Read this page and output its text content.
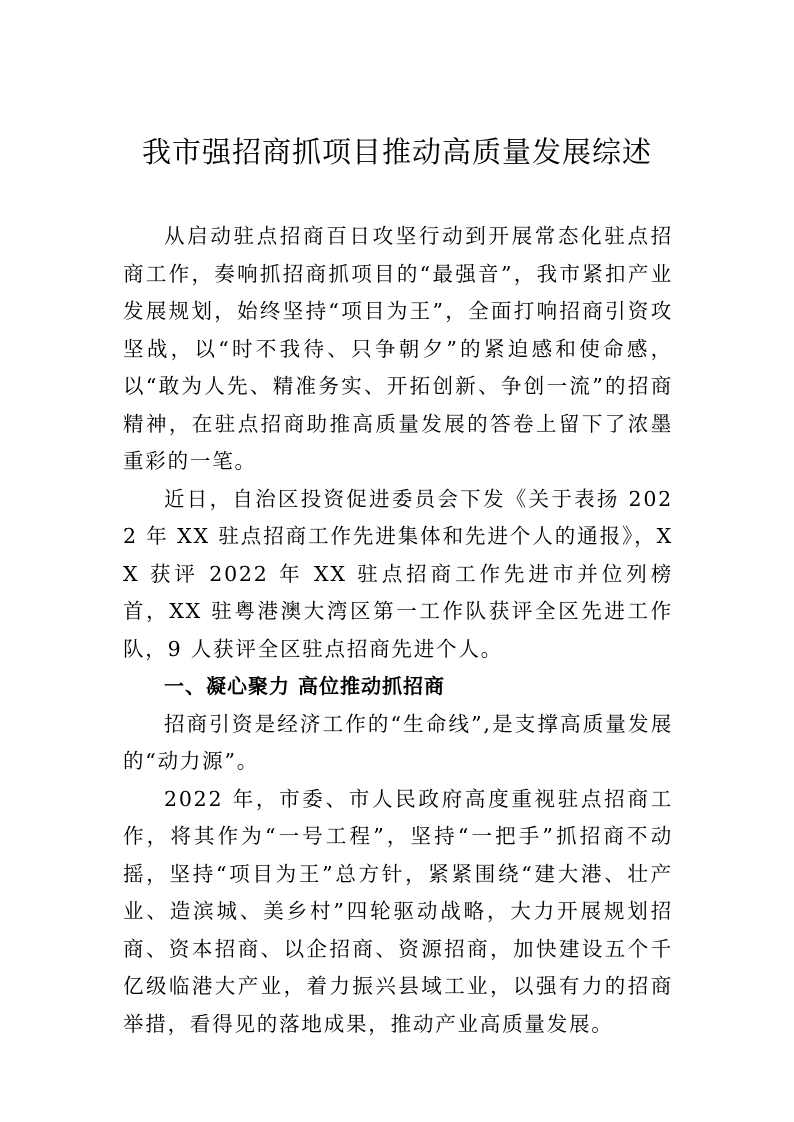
我市强招商抓项目推动高质量发展综述

从启动驻点招商百日攻坚行动到开展常态化驻点招商工作，奏响抓招商抓项目的“最强音”，我市紧扣产业发展规划，始终坚持“项目为王”，全面打响招商引资攻坚战，以“时不我待、只争朝夕”的紧迫感和使命感，以“敢为人先、精准务实、开拓创新、争创一流”的招商精神，在驻点招商助推高质量发展的答卷上留下了浓墨重彩的一笔。

近日，自治区投资促进委员会下发《关于表扬 2022 年 XX 驻点招商工作先进集体和先进个人的通报》，XX 获评 2022 年 XX 驻点招商工作先进市并位列榜首，XX 驻粤港澳大湾区第一工作队获评全区先进工作队，9 人获评全区驻点招商先进个人。

一、凝心聚力 高位推动抓招商

招商引资是经济工作的“生命线”,是支撑高质量发展的“动力源”。

2022 年，市委、市人民政府高度重视驻点招商工作，将其作为“一号工程”，坚持“一把手”抓招商不动摇，坚持“项目为王”总方针，紧紧围绕“建大港、壮产业、造滨城、美乡村”四轮驱动战略，大力开展规划招商、资本招商、以企招商、资源招商，加快建设五个千亿级临港大产业，着力振兴县域工业，以强有力的招商举措，看得见的落地成果，推动产业高质量发展。
